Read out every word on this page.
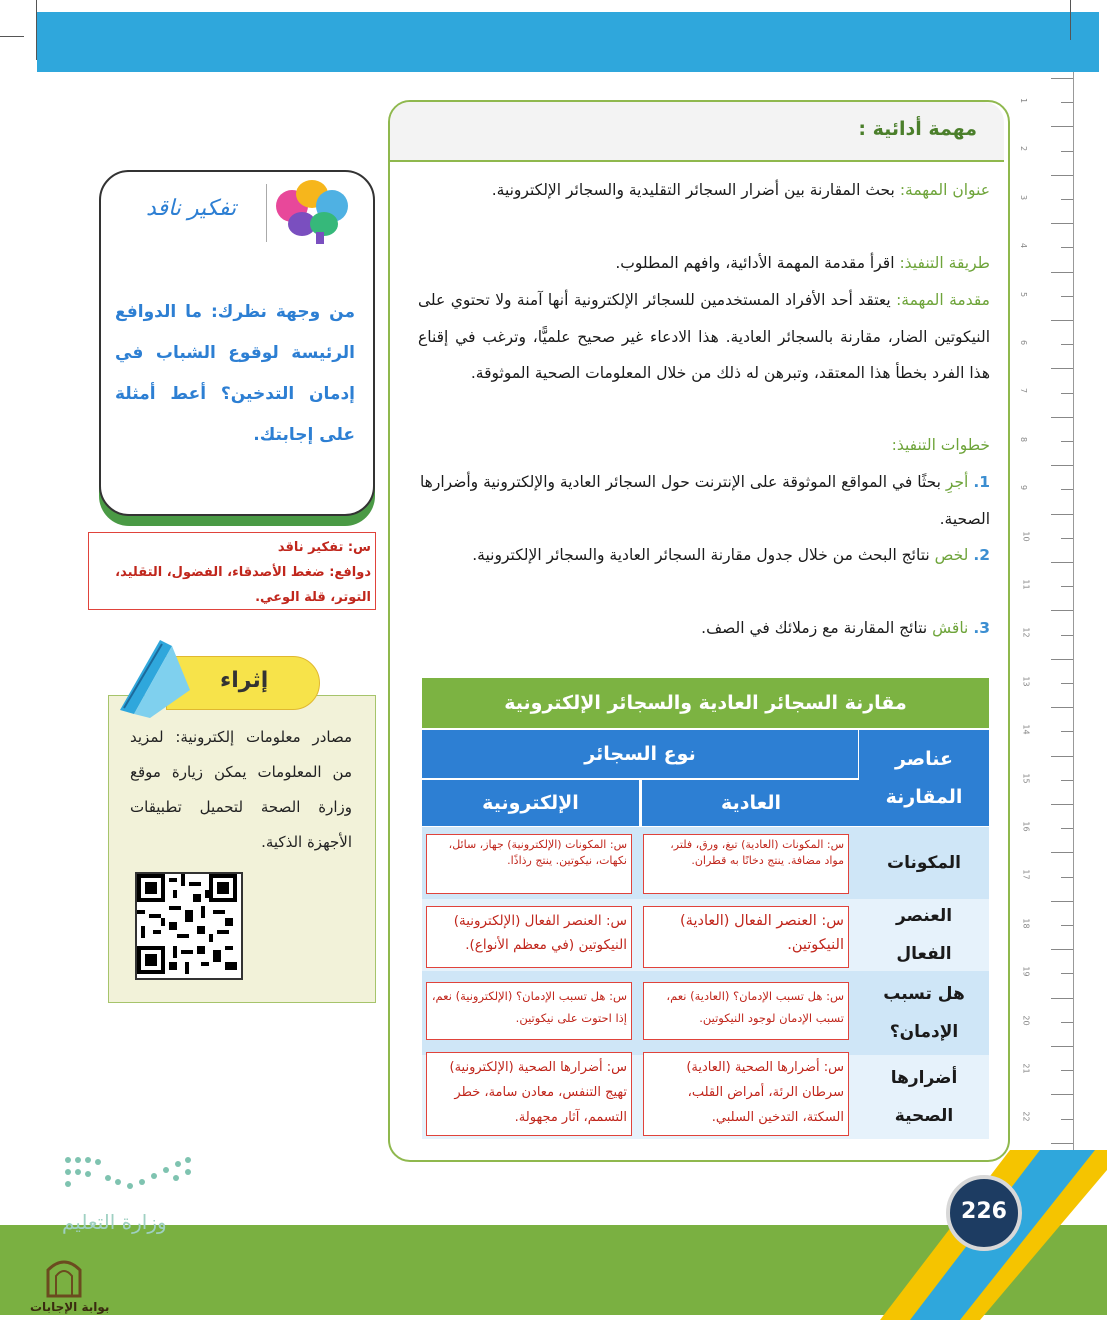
1
2
3
4
5
6
7
8
9
10
11
12
13
14
15
16
17
18
19
20
21
22
226
وزارة التعليم
بوابة الإجابات
مهمة أدائية :
عنوان المهمة: بحث المقارنة بين أضرار السجائر التقليدية والسجائر الإلكترونية.
طريقة التنفيذ: اقرأ مقدمة المهمة الأدائية، وافهم المطلوب.
مقدمة المهمة: يعتقد أحد الأفراد المستخدمين للسجائر الإلكترونية أنها آمنة ولا تحتوي على النيكوتين الضار، مقارنة بالسجائر العادية. هذا الادعاء غير صحيح علميًّا، وترغب في إقناع هذا الفرد بخطأ هذا المعتقد، وتبرهن له ذلك من خلال المعلومات الصحية الموثوقة.
خطوات التنفيذ:
1. أجرِ بحثًا في المواقع الموثوقة على الإنترنت حول السجائر العادية والإلكترونية وأضرارها الصحية.
2. لخص نتائج البحث من خلال جدول مقارنة السجائر العادية والسجائر الإلكترونية.
3. ناقش نتائج المقارنة مع زملائك في الصف.
مقارنة السجائر العادية والسجائر الإلكترونية
عناصر المقارنة
نوع السجائر
العادية
الإلكترونية
المكونات
العنصر الفعال
هل تسبب الإدمان؟
أضرارها الصحية
س: المكونات (العادية) تبغ، ورق، فلتر، مواد مضافة. ينتج دخانًا به قطران.
س: المكونات (الإلكترونية) جهاز، سائل، نكهات، نيكوتين. ينتج رذاذًا.
س: العنصر الفعال (العادية) النيكوتين.
س: العنصر الفعال (الإلكترونية) النيكوتين (في معظم الأنواع).
س: هل تسبب الإدمان؟ (العادية) نعم، تسبب الإدمان لوجود النيكوتين.
س: هل تسبب الإدمان؟ (الإلكترونية) نعم، إذا احتوت على نيكوتين.
س: أضرارها الصحية (العادية) سرطان الرئة، أمراض القلب، السكتة، التدخين السلبي.
س: أضرارها الصحية (الإلكترونية) تهيج التنفس، معادن سامة، خطر التسمم، آثار مجهولة.
تفكير ناقد
من وجهة نظرك: ما الدوافع الرئيسة لوقوع الشباب في إدمان التدخين؟ أعط أمثلة على إجابتك.
س: تفكير ناقد
دوافع: ضغط الأصدقاء، الفضول، التقليد،
التوتر، قلة الوعي.
إثراء
مصادر معلومات إلكترونية: لمزيد من المعلومات يمكن زيارة موقع وزارة الصحة لتحميل تطبيقات الأجهزة الذكية.
